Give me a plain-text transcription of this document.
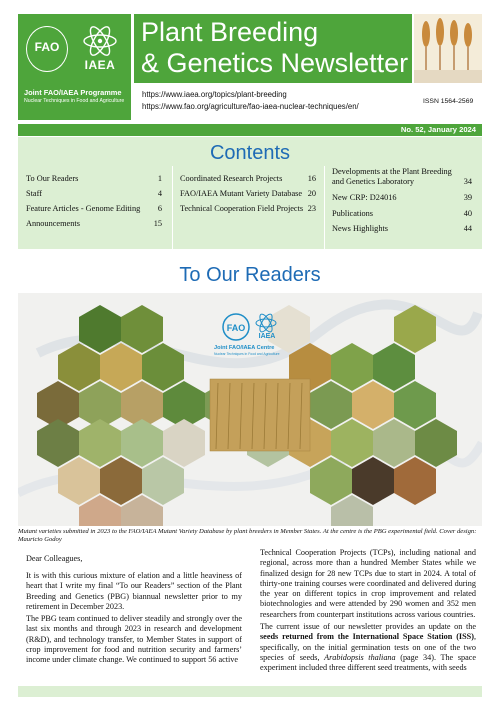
FAO
IAEA
Joint FAO/IAEA Programme
Nuclear Techniques in Food and Agriculture
Plant Breeding
& Genetics Newsletter
https://www.iaea.org/topics/plant-breeding
https://www.fao.org/agriculture/fao-iaea-nuclear-techniques/en/
ISSN 1564-2569
No. 52, January 2024
Contents
To Our Readers	1
Staff	4
Feature Articles - Genome Editing	6
Announcements	15
Coordinated Research Projects	16
FAO/IAEA Mutant Variety Database 20
Technical Cooperation Field Projects 23
Developments at the Plant Breeding
and Genetics Laboratory	34
New CRP: D24016	39
Publications	40
News Highlights	44
To Our Readers
FAO
IAEA
Joint FAO/IAEA Centre
Nuclear Techniques in Food and Agriculture
Mutant varieties submitted in 2023 to the FAO/IAEA Mutant Variety Database by plant breeders in Member States. At the centre is the PBG experimental field. Cover design: Mauricio Godoy
Dear Colleagues,
It is with this curious mixture of elation and a little heaviness of heart that I write my final “To our Readers” section of the Plant Breeding and Genetics (PBG) biannual newsletter prior to my retirement in December 2023.
The PBG team continued to deliver steadily and strongly over the last six months and through 2023 in research and development (R&D), and technology transfer, to Member States in support of crop improvement for food and nutrition security and farmers’ income under climate change. We continued to support 56 active
Technical Cooperation Projects (TCPs), including national and regional, across more than a hundred Member States while we finalized design for 28 new TCPs due to start in 2024. A total of thirty-one training courses were coordinated and delivered during the year on different topics in crop improvement and related biotechnologies and were attended by 290 women and 352 men researchers from counterpart institutions across various countries.
The current issue of our newsletter provides an update on the seeds returned from the International Space Station (ISS), specifically, on the initial germination tests on one of the two species of seeds, Arabidopsis thaliana (page 34). The space experiment included three different seed treatments, with seeds
